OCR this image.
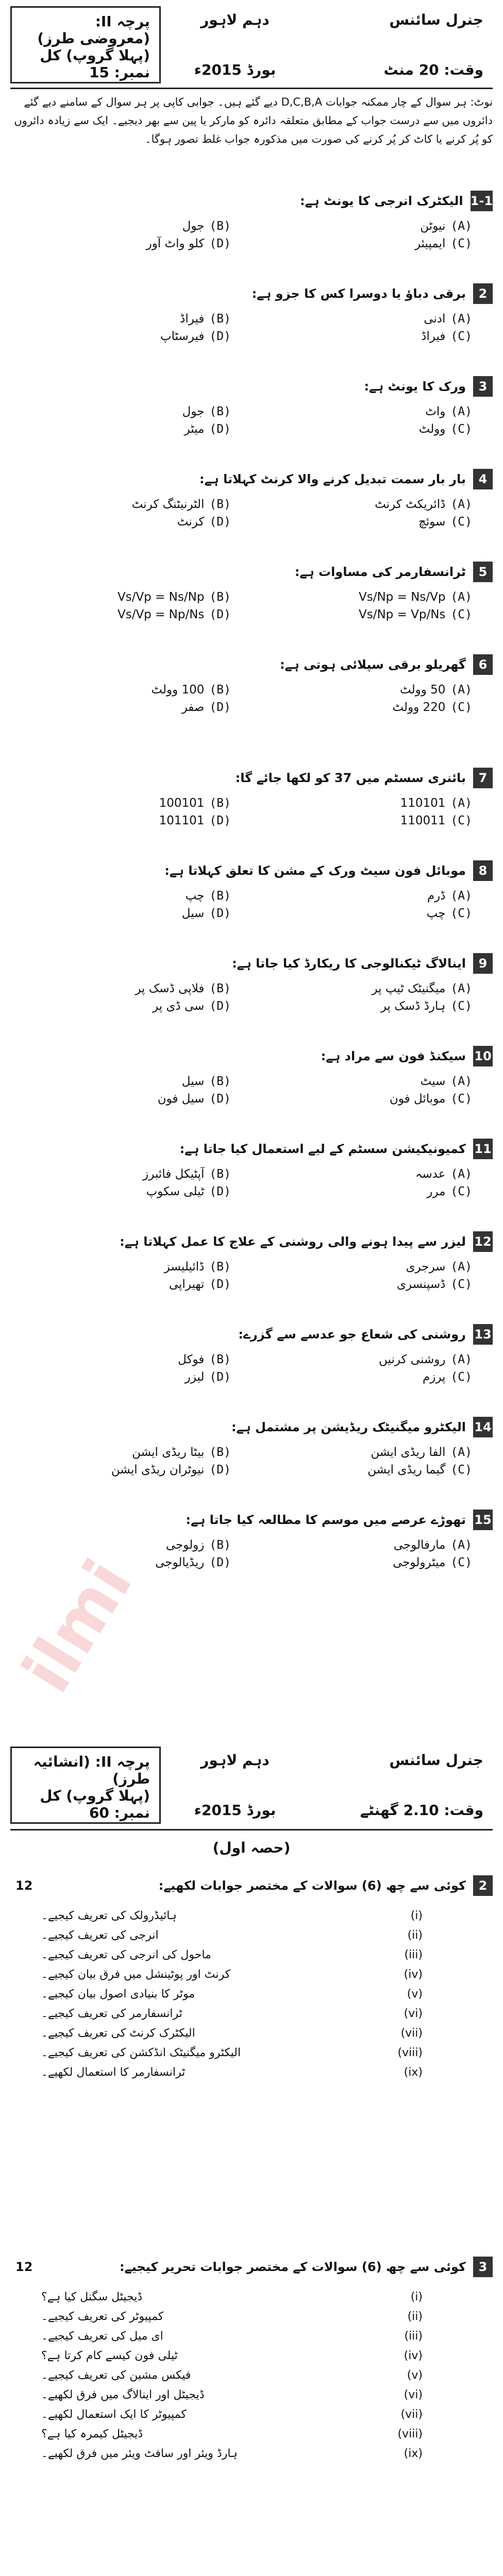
ilmi
پرچہ II: (معروضی طرز)
(پہلا گروپ) کل نمبر: 15
دہم لاہور
بورڈ 2015ء
جنرل سائنس
وقت: 20 منٹ
نوٹ: ہر سوال کے چار ممکنہ جوابات D,C,B,A دیے گئے ہیں۔ جوابی کاپی پر ہر سوال کے سامنے دیے گئے دائروں میں سے درست جواب کے مطابق متعلقہ دائرہ کو مارکر یا پین سے بھر دیجیے۔ ایک سے زیادہ دائروں کو پُر کرنے یا کاٹ کر پُر کرنے کی صورت میں مذکورہ جواب غلط تصور ہوگا۔
1-1
الیکٹرک انرجی کا یونٹ ہے:
(A)
نیوٹن
(B)
جول
(C)
ایمپیئر
(D)
کلو واٹ آور
2
برقی دباؤ یا دوسرا کس کا جزو ہے:
(A)
ادنی
(B)
فیراڈ
(C)
فیراڈ
(D)
فیرسٹاپ
3
ورک کا یونٹ ہے:
(A)
واٹ
(B)
جول
(C)
وولٹ
(D)
میٹر
4
بار بار سمت تبدیل کرنے والا کرنٹ کہلاتا ہے:
(A)
ڈائریکٹ کرنٹ
(B)
الٹرنیٹنگ کرنٹ
(C)
سوئچ
(D)
کرنٹ
5
ٹرانسفارمر کی مساوات ہے:
(A)
Vs/Np = Ns/Vp
(B)
Vs/Vp = Ns/Np
(C)
Vs/Np = Vp/Ns
(D)
Vs/Vp = Np/Ns
6
گھریلو برقی سپلائی ہوتی ہے:
(A)
50 وولٹ
(B)
100 وولٹ
(C)
220 وولٹ
(D)
صفر
7
بائنری سسٹم میں 37 کو لکھا جائے گا:
(A)
110101
(B)
100101
(C)
110011
(D)
101101
8
موبائل فون سیٹ ورک کے مشن کا تعلق کہلاتا ہے:
(A)
ڈرم
(B)
چپ
(C)
چپ
(D)
سیل
9
اینالاگ ٹیکنالوجی کا ریکارڈ کیا جاتا ہے:
(A)
میگنیٹک ٹیپ پر
(B)
فلاپی ڈسک پر
(C)
ہارڈ ڈسک پر
(D)
سی ڈی پر
10
سیکنڈ فون سے مراد ہے:
(A)
سیٹ
(B)
سیل
(C)
موبائل فون
(D)
سیل فون
11
کمیونیکیشن سسٹم کے لیے استعمال کیا جاتا ہے:
(A)
عدسہ
(B)
آپٹیکل فائبرز
(C)
مرر
(D)
ٹیلی سکوپ
12
لیزر سے پیدا ہونے والی روشنی کے علاج کا عمل کہلاتا ہے:
(A)
سرجری
(B)
ڈائیلیسز
(C)
ڈسپنسری
(D)
تھیراپی
13
روشنی کی شعاع جو عدسے سے گزرے:
(A)
روشنی کرنیں
(B)
فوکل
(C)
پرزم
(D)
لیزر
14
الیکٹرو میگنیٹک ریڈیشن پر مشتمل ہے:
(A)
الفا ریڈی ایشن
(B)
بیٹا ریڈی ایشن
(C)
گیما ریڈی ایشن
(D)
نیوٹران ریڈی ایشن
15
تھوڑے عرصے میں موسم کا مطالعہ کیا جاتا ہے:
(A)
مارفالوجی
(B)
زولوجی
(C)
میٹرولوجی
(D)
ریڈیالوجی
پرچہ II: (انشائیہ طرز)
(پہلا گروپ) کل نمبر: 60
دہم لاہور
بورڈ 2015ء
جنرل سائنس
وقت: 2.10 گھنٹے
(حصہ اول)
2
کوئی سے چھ (6) سوالات کے مختصر جوابات لکھیے:
12
(i)
ہائیڈرولک کی تعریف کیجیے۔
(ii)
انرجی کی تعریف کیجیے۔
(iii)
ماحول کی انرجی کی تعریف کیجیے۔
(iv)
کرنٹ اور پوٹینشل میں فرق بیان کیجیے۔
(v)
موٹر کا بنیادی اصول بیان کیجیے۔
(vi)
ٹرانسفارمر کی تعریف کیجیے۔
(vii)
الیکٹرک کرنٹ کی تعریف کیجیے۔
(viii)
الیکٹرو میگنیٹک انڈکشن کی تعریف کیجیے۔
(ix)
ٹرانسفارمر کا استعمال لکھیے۔
3
کوئی سے چھ (6) سوالات کے مختصر جوابات تحریر کیجیے:
12
(i)
ڈیجیٹل سگنل کیا ہے؟
(ii)
کمپیوٹر کی تعریف کیجیے۔
(iii)
ای میل کی تعریف کیجیے۔
(iv)
ٹیلی فون کیسے کام کرتا ہے؟
(v)
فیکس مشین کی تعریف کیجیے۔
(vi)
ڈیجیٹل اور اینالاگ میں فرق لکھیے۔
(vii)
کمپیوٹر کا ایک استعمال لکھیے۔
(viii)
ڈیجیٹل کیمرہ کیا ہے؟
(ix)
ہارڈ ویئر اور سافٹ ویئر میں فرق لکھیے۔
